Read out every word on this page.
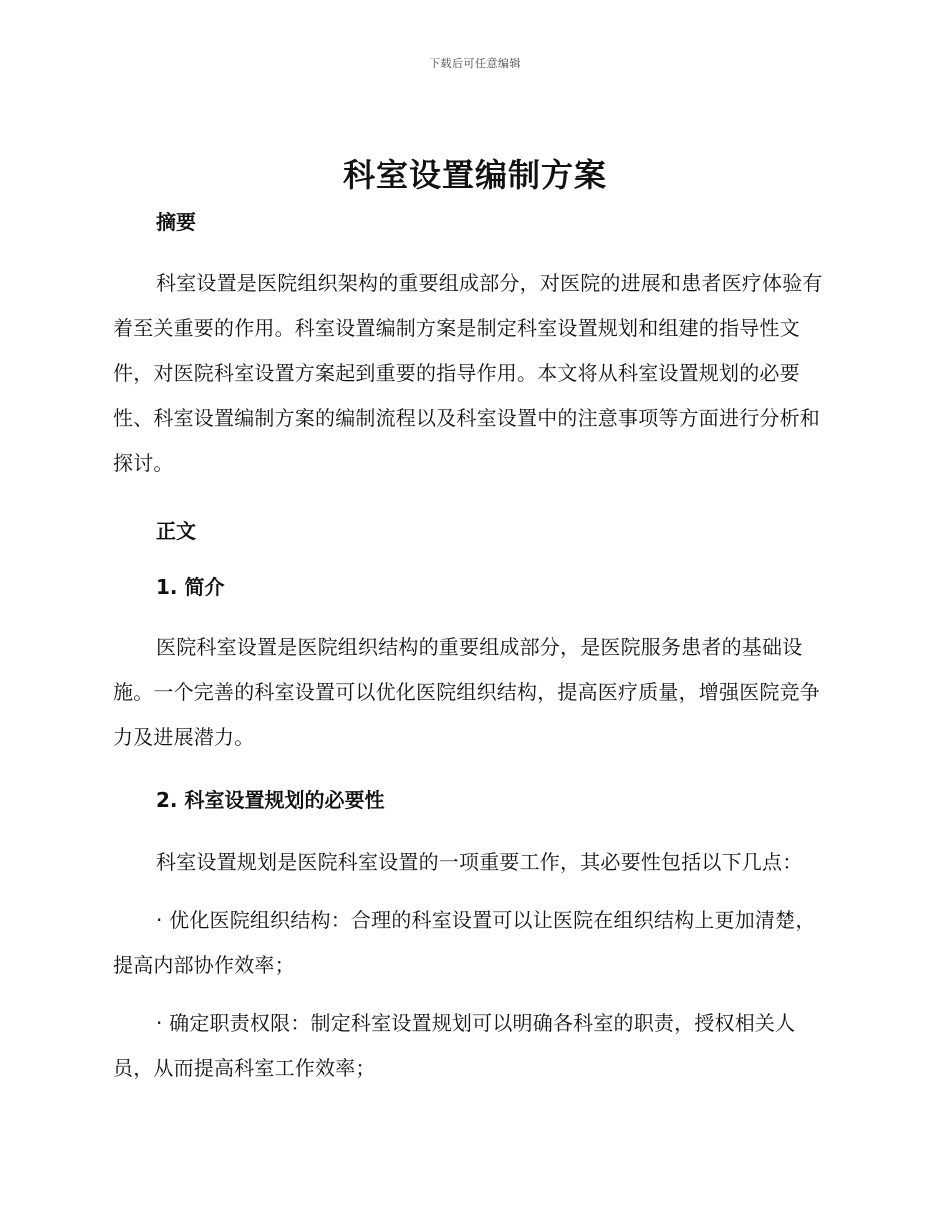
下载后可任意编辑
科室设置编制方案

摘要

科室设置是医院组织架构的重要组成部分，对医院的进展和患者医疗体验有着至关重要的作用。科室设置编制方案是制定科室设置规划和组建的指导性文件，对医院科室设置方案起到重要的指导作用。本文将从科室设置规划的必要性、科室设置编制方案的编制流程以及科室设置中的注意事项等方面进行分析和探讨。

正文

1. 简介

医院科室设置是医院组织结构的重要组成部分，是医院服务患者的基础设施。一个完善的科室设置可以优化医院组织结构，提高医疗质量，增强医院竞争力及进展潜力。

2. 科室设置规划的必要性

科室设置规划是医院科室设置的一项重要工作，其必要性包括以下几点：

· 优化医院组织结构：合理的科室设置可以让医院在组织结构上更加清楚，提高内部协作效率；

· 确定职责权限：制定科室设置规划可以明确各科室的职责，授权相关人员，从而提高科室工作效率；
